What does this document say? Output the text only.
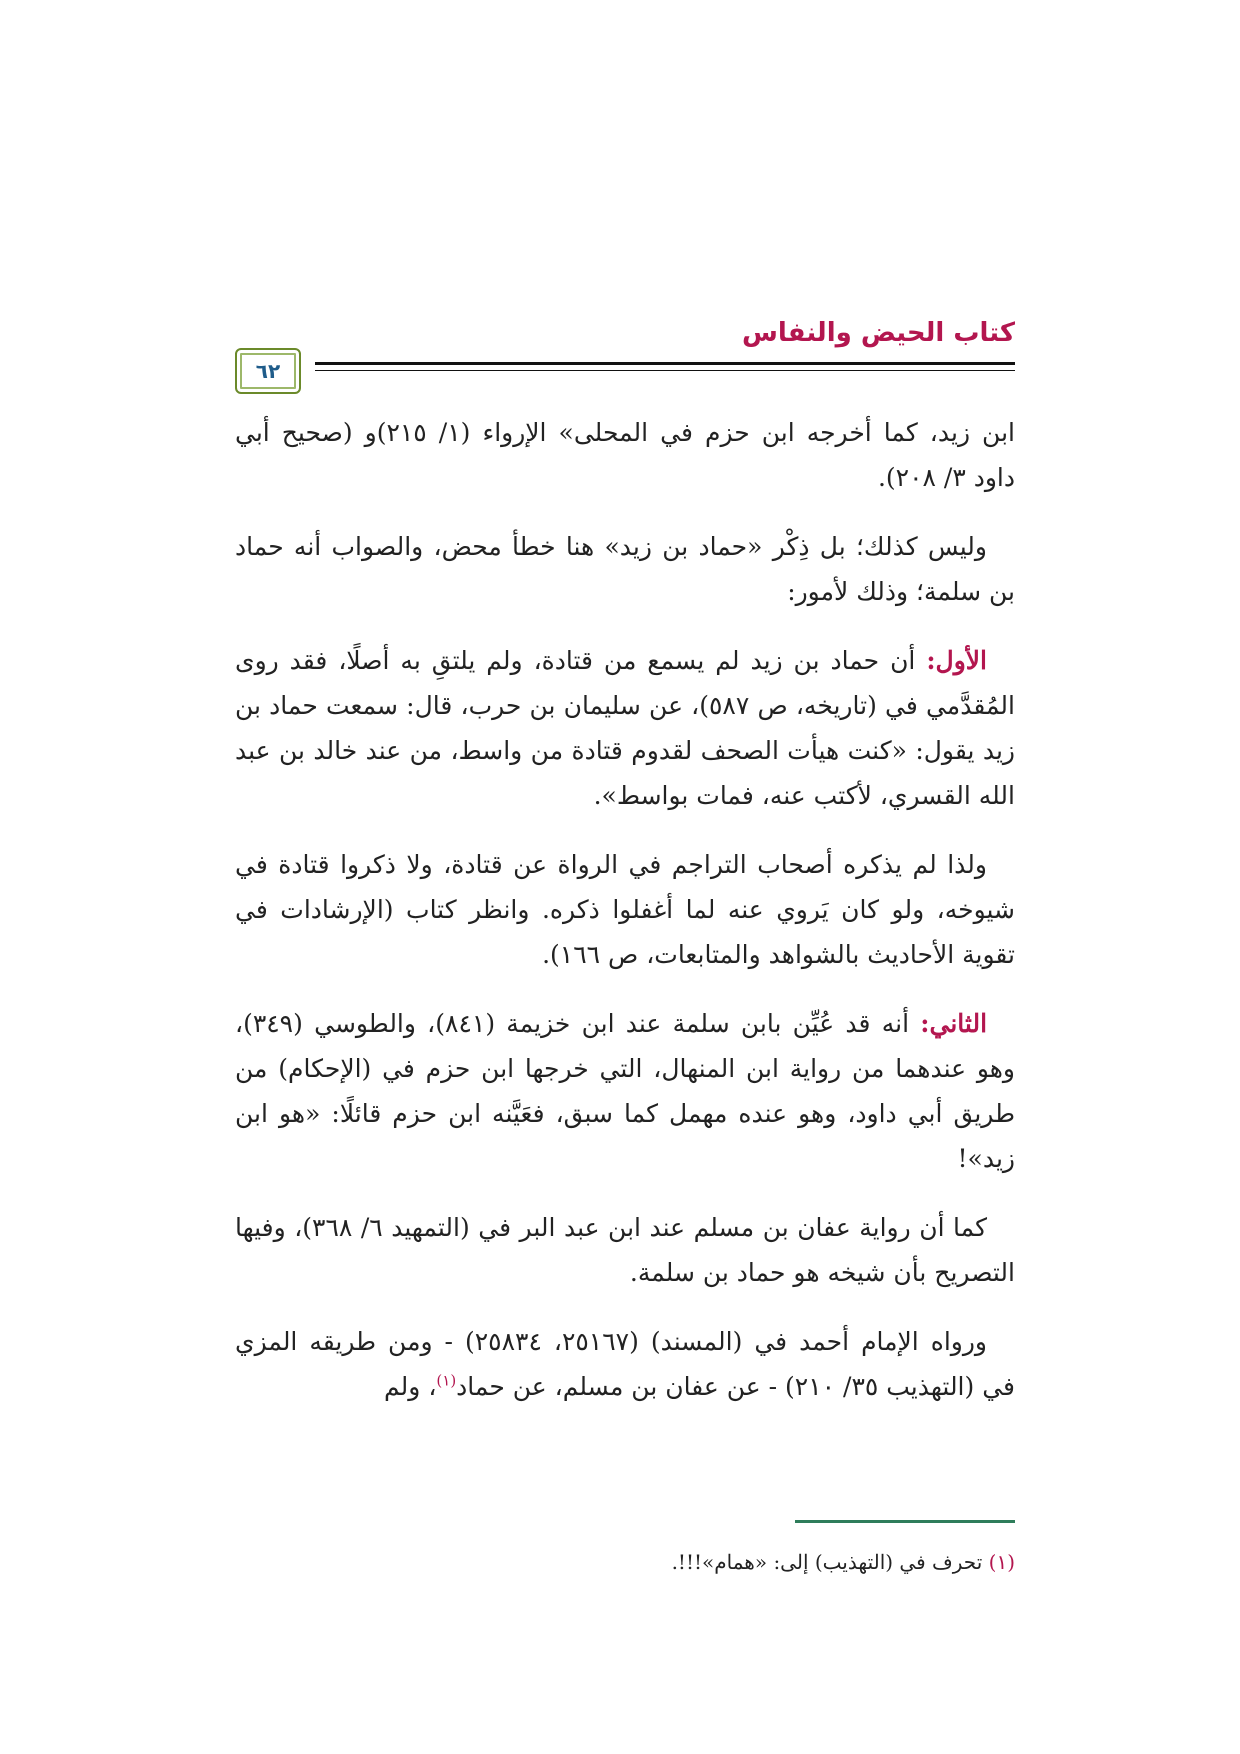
كتاب الحيض والنفاس
٦٢

ابن زيد، كما أخرجه ابن حزم في المحلى» الإرواء (١/ ٢١٥)و (صحيح أبي داود ٣/ ٢٠٨).

وليس كذلك؛ بل ذِكْر «حماد بن زيد» هنا خطأ محض، والصواب أنه حماد بن سلمة؛ وذلك لأمور:

الأول: أن حماد بن زيد لم يسمع من قتادة، ولم يلتقِ به أصلًا، فقد روى المُقدَّمي في (تاريخه، ص ٥٨٧)، عن سليمان بن حرب، قال: سمعت حماد بن زيد يقول: «كنت هيأت الصحف لقدوم قتادة من واسط، من عند خالد بن عبد الله القسري، لأكتب عنه، فمات بواسط».

ولذا لم يذكره أصحاب التراجم في الرواة عن قتادة، ولا ذكروا قتادة في شيوخه، ولو كان يَروي عنه لما أغفلوا ذكره. وانظر كتاب (الإرشادات في تقوية الأحاديث بالشواهد والمتابعات، ص ١٦٦).

الثاني: أنه قد عُيِّن بابن سلمة عند ابن خزيمة (٨٤١)، والطوسي (٣٤٩)، وهو عندهما من رواية ابن المنهال، التي خرجها ابن حزم في (الإحكام) من طريق أبي داود، وهو عنده مهمل كما سبق، فعَيَّنه ابن حزم قائلًا: «هو ابن زيد»!

كما أن رواية عفان بن مسلم عند ابن عبد البر في (التمهيد ٦/ ٣٦٨)، وفيها التصريح بأن شيخه هو حماد بن سلمة.

ورواه الإمام أحمد في (المسند) (٢٥١٦٧، ٢٥٨٣٤) - ومن طريقه المزي في (التهذيب ٣٥/ ٢١٠) - عن عفان بن مسلم، عن حماد$^{(١)}$، ولم

(١) تحرف في (التهذيب) إلى: «همام»!!!.
